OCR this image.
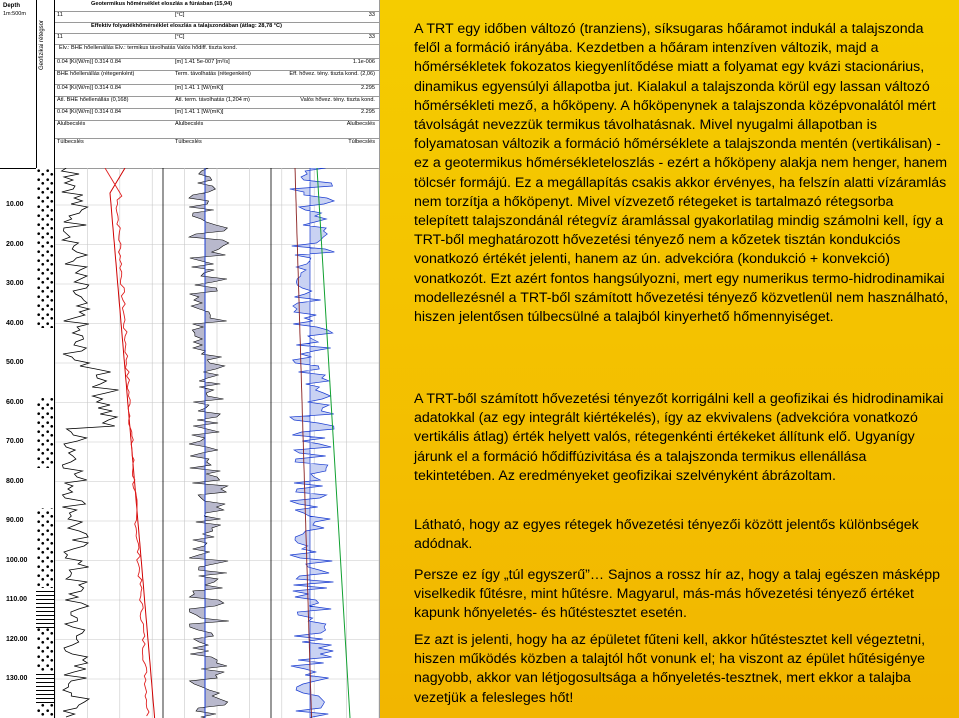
Depth
1m:500m
Geofizikai rétegsor
Geotermikus hőmérséklet eloszlás a fúrásban (15,94)
11	[°C]	33
Effektív folyadékhőmérséklet eloszlás a talajszondában (átlag: 28,78 °C)
11	[°C]	33
Elv.: BHE hőellenállás Elv.: termikus távolhatás Valós hődiff. tiszta kond.
0.04 [K/(W/m)] 0.314 0.84	[m] 1.41 5e-007 [m²/s]	1.1e-006
BHE hőellenállás (rétegenként)	Term. távolhatás (rétegenként)	Eff. hővez. tény. tiszta kond. (2,06)
0.04 [K/(W/m)] 0.314 0.84	[m] 1.41 1 [W/(mK)]	2.295
Átl. BHE hőellenállás (0,168)	Átl. term. távolhatás (1,204 m)	Valós hővez. tény. tiszta kond.
0.04 [K/(W/m)] 0.314 0.84	[m] 1.41 1 [W/(mK)]	2.295
Alulbecslés	Alulbecslés	Alulbecslés
Túlbecslés	Túlbecslés	Túlbecslés
10.00
20.00
30.00
40.00
50.00
60.00
70.00
80.00
90.00
100.00
110.00
120.00
130.00

A TRT egy időben változó (tranziens), síksugaras hőáramot indukál a talajszonda felől a formáció irányába. Kezdetben a hőáram intenzíven változik, majd a hőmérsékletek fokozatos kiegyenlítődése miatt a folyamat egy kvázi stacionárius, dinamikus egyensúlyi állapotba jut. Kialakul a talajszonda körül egy lassan változó hőmérsékleti mező, a hőköpeny. A hőköpenynek a talajszonda középvonalától mért távolságát nevezzük termikus távolhatásnak. Mivel nyugalmi állapotban is folyamatosan változik a formáció hőmérséklete a talajszonda mentén (vertikálisan) - ez a geotermikus hőmérsékleteloszlás - ezért a hőköpeny alakja nem henger, hanem tölcsér formájú. Ez a megállapítás csakis akkor érvényes, ha felszín alatti vízáramlás nem torzítja a hőköpenyt. Mivel vízvezető rétegeket is tartalmazó rétegsorba telepített talajszondánál rétegvíz áramlással gyakorlatilag mindig számolni kell, így a TRT-ből meghatározott hővezetési tényező nem a kőzetek tisztán kondukciós vonatkozó értékét jelenti, hanem az ún. advekcióra (kondukció + konvekció) vonatkozót. Ezt azért fontos hangsúlyozni, mert egy numerikus termo-hidrodinamikai modellezésnél a TRT-ből számított hővezetési tényező közvetlenül nem használható, hiszen jelentősen túlbecsülné a talajból kinyerhető hőmennyiséget.

A TRT-ből számított hővezetési tényezőt korrigálni kell a geofizikai és hidrodinamikai adatokkal (az egy integrált kiértékelés), így az ekvivalens (advekcióra vonatkozó vertikális átlag) érték helyett valós, rétegenkénti értékeket állítunk elő. Ugyanígy járunk el a formáció hődiffúzivitása és a talajszonda termikus ellenállása tekintetében. Az eredményeket geofizikai szelvényként ábrázoltam.

Látható, hogy az egyes rétegek hővezetési tényezői között jelentős különbségek adódnak.

Persze ez így „túl egyszerű”… Sajnos a rossz hír az, hogy a talaj egészen másképp viselkedik fűtésre, mint hűtésre. Magyarul, más-más hővezetési tényező értéket kapunk hőnyeletés- és hűtéstesztet esetén.

Ez azt is jelenti, hogy ha az épületet fűteni kell, akkor hűtéstesztet kell végeztetni, hiszen működés közben a talajtól hőt vonunk el; ha viszont az épület hűtésigénye nagyobb, akkor van létjogosultsága a hőnyeletés-tesztnek, mert ekkor a talajba vezetjük a felesleges hőt!
